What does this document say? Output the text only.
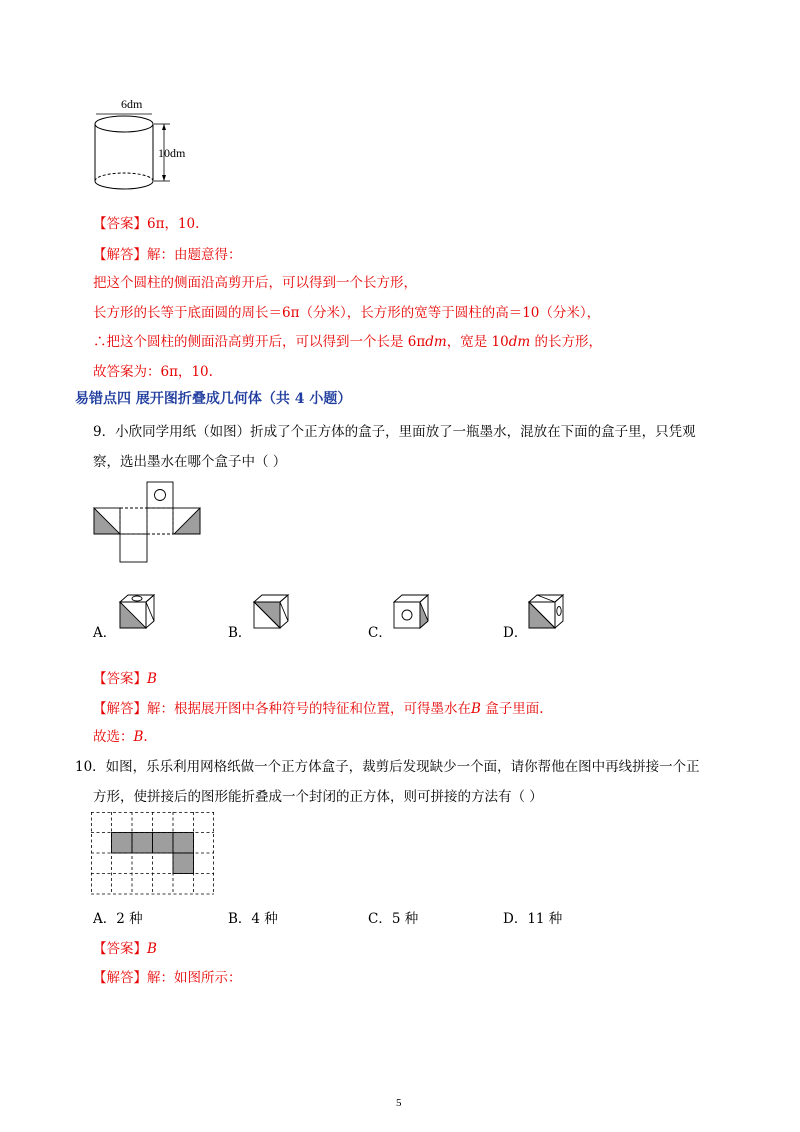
6dm
10dm
【答案】6π，10.
【解答】解：由题意得：
把这个圆柱的侧面沿高剪开后，可以得到一个长方形，
长方形的长等于底面圆的周长＝6π（分米），长方形的宽等于圆柱的高＝10（分米），
∴把这个圆柱的侧面沿高剪开后，可以得到一个长是 6πdm，宽是 10dm 的长方形，
故答案为：6π，10.
易错点四 展开图折叠成几何体（共 4 小题）
9．小欣同学用纸（如图）折成了个正方体的盒子，里面放了一瓶墨水，混放在下面的盒子里，只凭观
察，选出墨水在哪个盒子中（ ）
A．	B．	C．	D．
【答案】B
【解答】解：根据展开图中各种符号的特征和位置，可得墨水在B 盒子里面.
故选：B.
10．如图，乐乐利用网格纸做一个正方体盒子，裁剪后发现缺少一个面，请你帮他在图中再线拼接一个正
方形，使拼接后的图形能折叠成一个封闭的正方体，则可拼接的方法有（ ）
A．2 种	B．4 种	C．5 种	D．11 种
【答案】B
【解答】解：如图所示：
5
